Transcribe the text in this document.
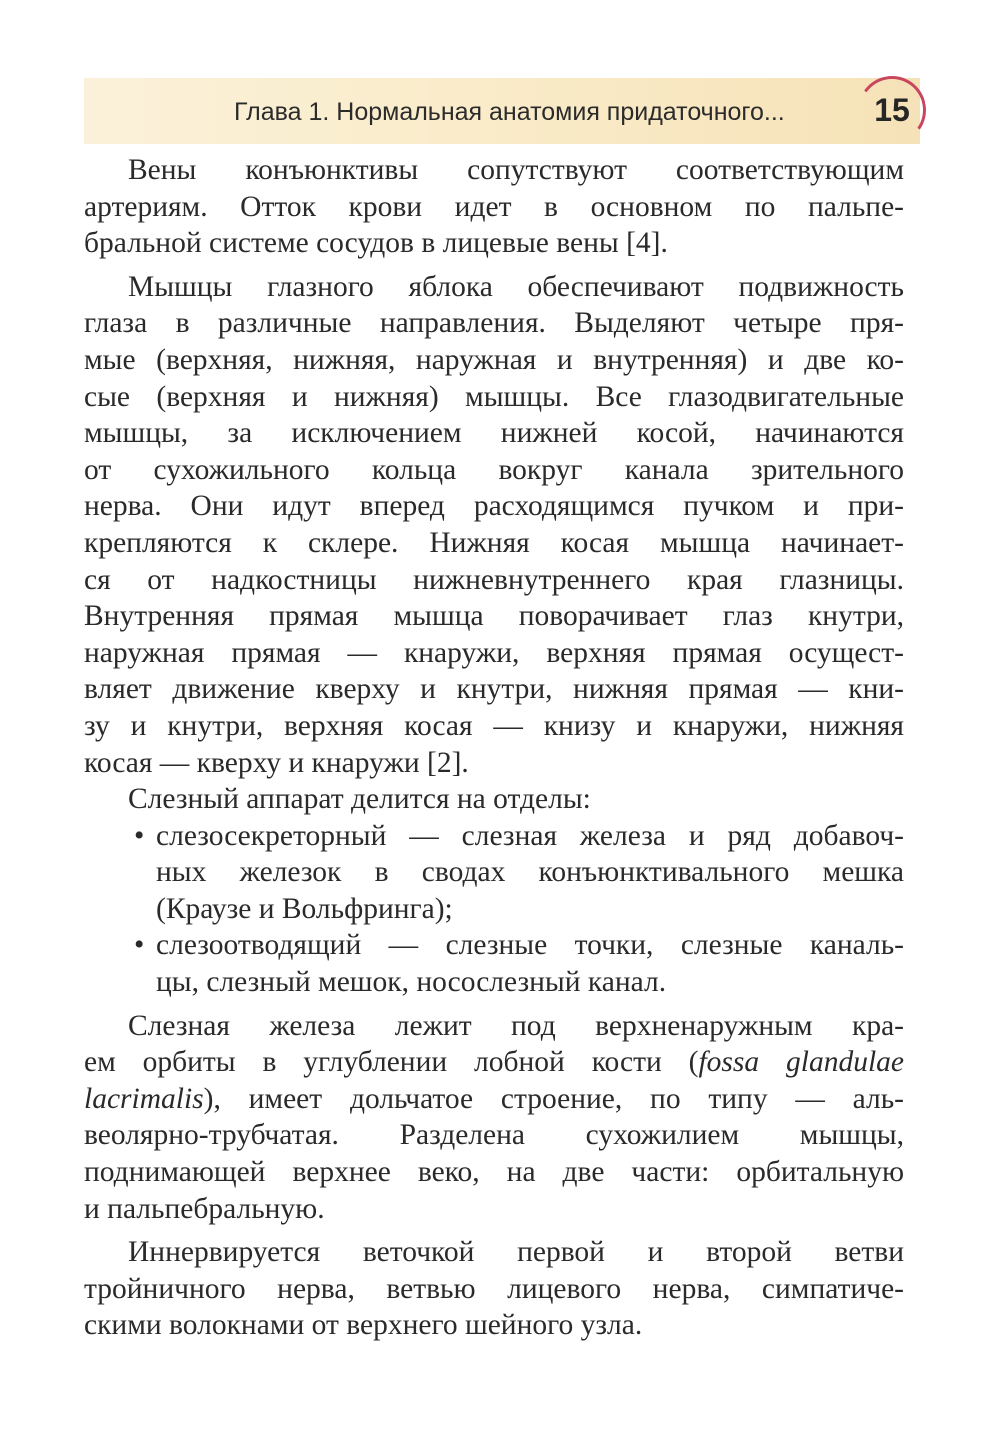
Глава 1. Нормальная анатомия придаточного...	15
Вены конъюнктивы сопутствуют соответствующим
артериям. Отток крови идет в основном по пальпе-
бральной системе сосудов в лицевые вены [4].
Мышцы глазного яблока обеспечивают подвижность
глаза в различные направления. Выделяют четыре пря-
мые (верхняя, нижняя, наружная и внутренняя) и две ко-
сые (верхняя и нижняя) мышцы. Все глазодвигательные
мышцы, за исключением нижней косой, начинаются
от сухожильного кольца вокруг канала зрительного
нерва. Они идут вперед расходящимся пучком и при-
крепляются к склере. Нижняя косая мышца начинает-
ся от надкостницы нижневнутреннего края глазницы.
Внутренняя прямая мышца поворачивает глаз кнутри,
наружная прямая — кнаружи, верхняя прямая осущест-
вляет движение кверху и кнутри, нижняя прямая — кни-
зу и кнутри, верхняя косая — книзу и кнаружи, нижняя
косая — кверху и кнаружи [2].
Слезный аппарат делится на отделы:
• слезосекреторный — слезная железа и ряд добавоч-
ных железок в сводах конъюнктивального мешка
(Краузе и Вольфринга);
• слезоотводящий — слезные точки, слезные каналь-
цы, слезный мешок, носослезный канал.
Слезная железа лежит под верхненаружным кра-
ем орбиты в углублении лобной кости (fossa glandulae
lacrimalis), имеет дольчатое строение, по типу — аль-
веолярно-трубчатая. Разделена сухожилием мышцы,
поднимающей верхнее веко, на две части: орбитальную
и пальпебральную.
Иннервируется веточкой первой и второй ветви
тройничного нерва, ветвью лицевого нерва, симпатиче-
скими волокнами от верхнего шейного узла.
